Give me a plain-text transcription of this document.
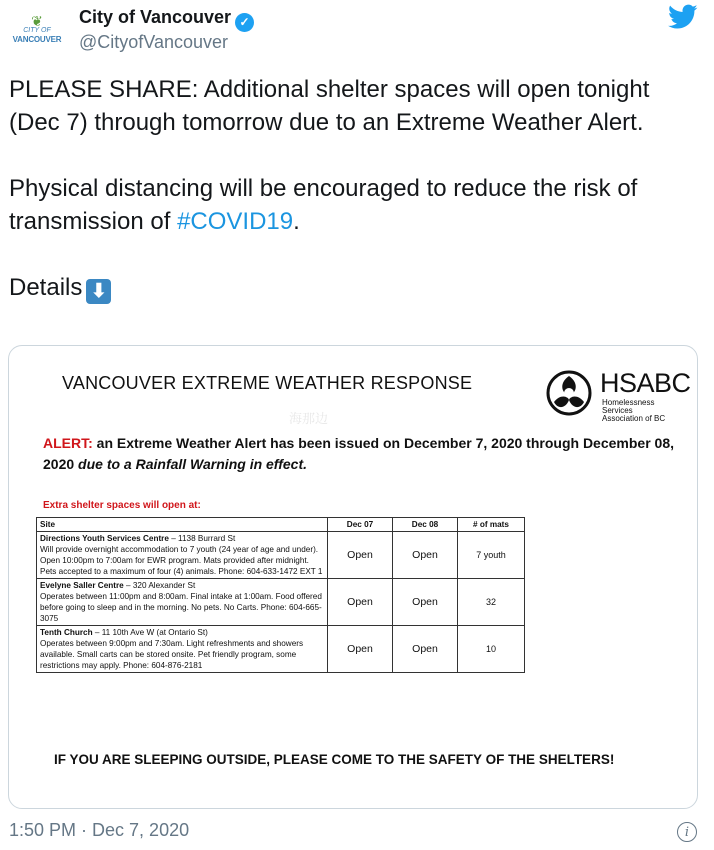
❦
CITY OF
VANCOUVER
City of Vancouver ✓
@CityofVancouver

PLEASE SHARE: Additional shelter spaces will open tonight (Dec 7) through tomorrow due to an Extreme Weather Alert.

Physical distancing will be encouraged to reduce the risk of transmission of #COVID19.

Details ⬇

VANCOUVER EXTREME WEATHER RESPONSE	HSABC
Homelessness Services
Association of BC
海那边
ALERT: an Extreme Weather Alert has been issued on December 7, 2020 through December 08, 2020 due to a Rainfall Warning in effect.
Extra shelter spaces will open at:
Site	Dec 07	Dec 08	# of mats
Directions Youth Services Centre – 1138 Burrard St
Will provide overnight accommodation to 7 youth (24 year of age and under). Open 10:00pm to 7:00am for EWR program. Mats provided after midnight. Pets accepted to a maximum of four (4) animals. Phone: 604-633-1472 EXT 1	Open	Open	7 youth
Evelyne Saller Centre – 320 Alexander St
Operates between 11:00pm and 8:00am. Final intake at 1:00am. Food offered before going to sleep and in the morning. No pets. No Carts. Phone: 604-665-3075	Open	Open	32
Tenth Church – 11 10th Ave W (at Ontario St)
Operates between 9:00pm and 7:30am. Light refreshments and showers available. Small carts can be stored onsite. Pet friendly program, some restrictions may apply. Phone: 604-876-2181	Open	Open	10
IF YOU ARE SLEEPING OUTSIDE, PLEASE COME TO THE SAFETY OF THE SHELTERS!
1:50 PM · Dec 7, 2020	i
